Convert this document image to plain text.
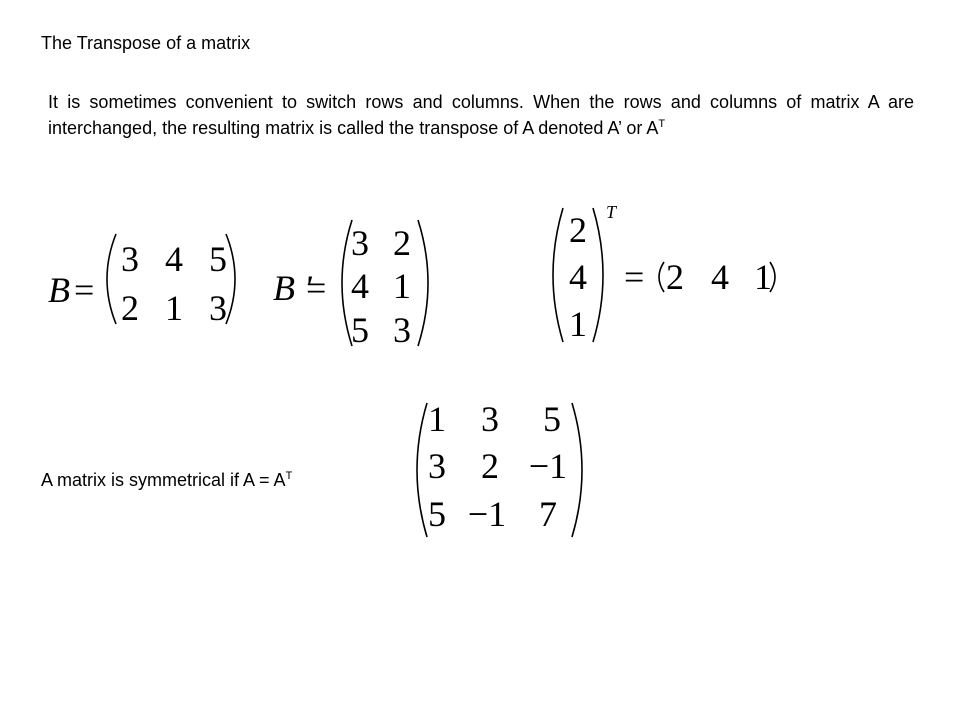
The Transpose of a matrix
It is sometimes convenient to switch rows and columns. When the rows and columns of matrix A are interchanged, the resulting matrix is called the transpose of A denoted A’ or $A^T$
B =
3 4 5
2 1 3 B '
=
3 2
4 1
5 3
2
4
1
T
= 2 4 1
1 3 5
3 2 −1
5 −1 7
A matrix is symmetrical if $A = A^T$
